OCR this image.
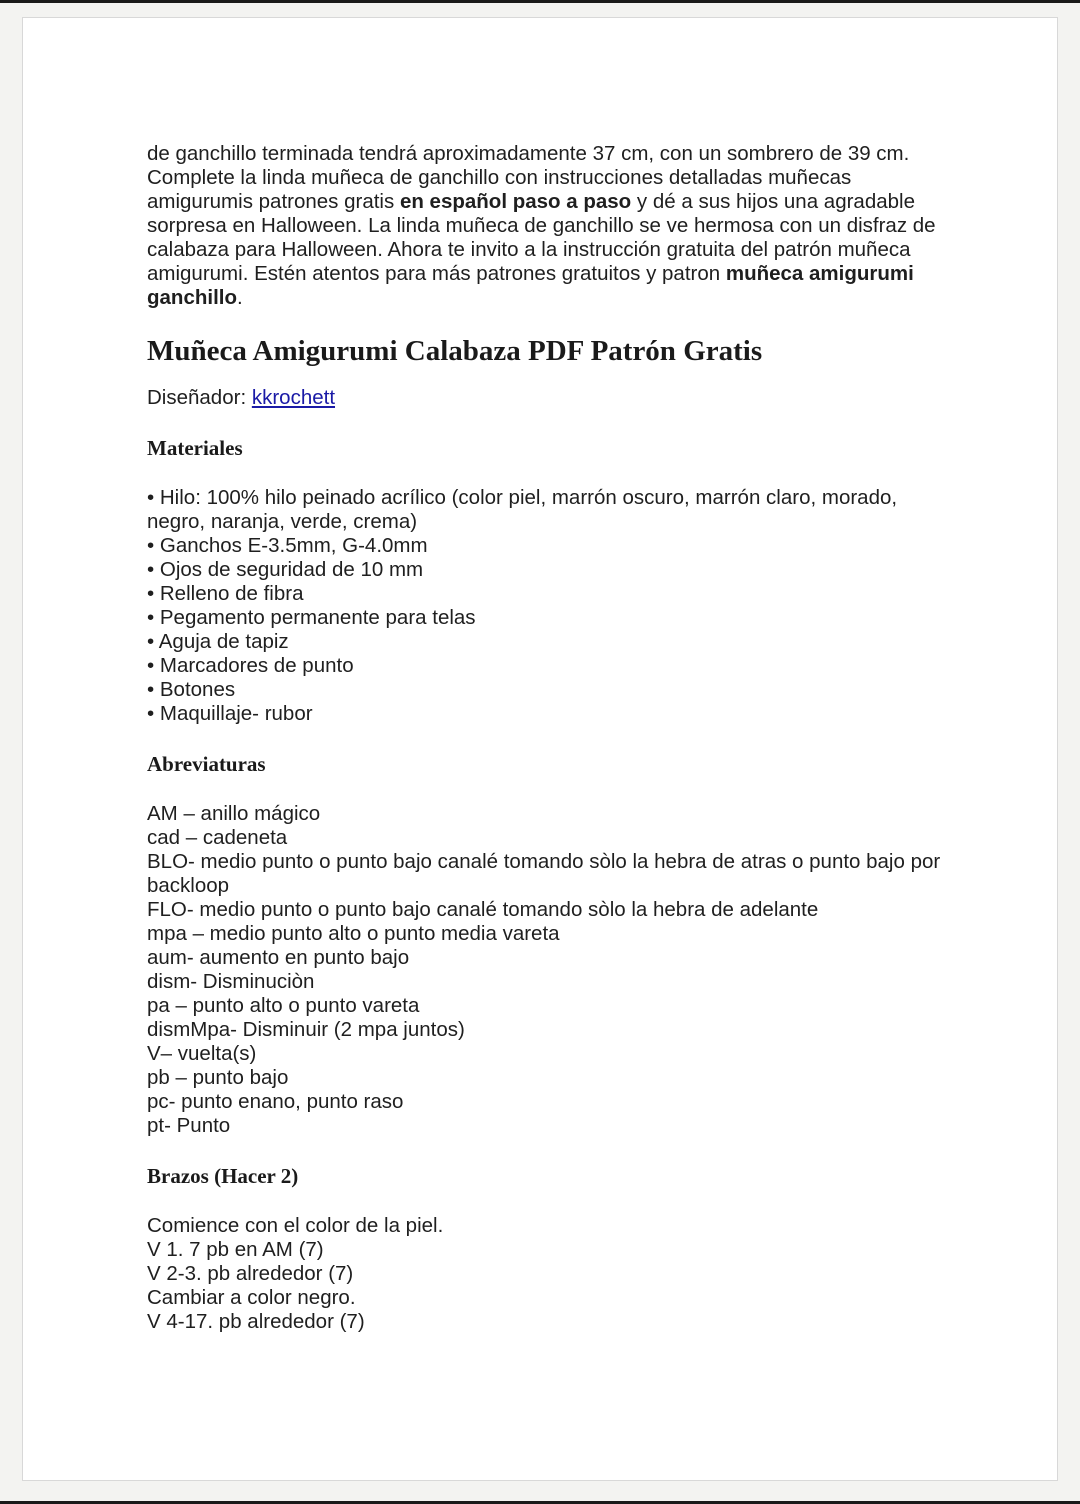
de ganchillo terminada tendrá aproximadamente 37 cm, con un sombrero de 39 cm. Complete la linda muñeca de ganchillo con instrucciones detalladas muñecas amigurumis patrones gratis en español paso a paso y dé a sus hijos una agradable sorpresa en Halloween. La linda muñeca de ganchillo se ve hermosa con un disfraz de calabaza para Halloween. Ahora te invito a la instrucción gratuita del patrón muñeca amigurumi. Estén atentos para más patrones gratuitos y patron muñeca amigurumi ganchillo.

Muñeca Amigurumi Calabaza PDF Patrón Gratis

Diseñador: kkrochett

Materiales
• Hilo: 100% hilo peinado acrílico (color piel, marrón oscuro, marrón claro, morado, negro, naranja, verde, crema)
• Ganchos E-3.5mm, G-4.0mm
• Ojos de seguridad de 10 mm
• Relleno de fibra
• Pegamento permanente para telas
• Aguja de tapiz
• Marcadores de punto
• Botones
• Maquillaje- rubor
Abreviaturas
AM – anillo mágico
cad – cadeneta
BLO- medio punto o punto bajo canalé tomando sòlo la hebra de atras o punto bajo por backloop
FLO- medio punto o punto bajo canalé tomando sòlo la hebra de adelante
mpa – medio punto alto o punto media vareta
aum- aumento en punto bajo
dism- Disminuciòn
pa – punto alto o punto vareta
dismMpa- Disminuir (2 mpa juntos)
V– vuelta(s)
pb – punto bajo
pc- punto enano, punto raso
pt- Punto
Brazos (Hacer 2)
Comience con el color de la piel.
V 1. 7 pb en AM (7)
V 2-3. pb alrededor (7)
Cambiar a color negro.
V 4-17. pb alrededor (7)
